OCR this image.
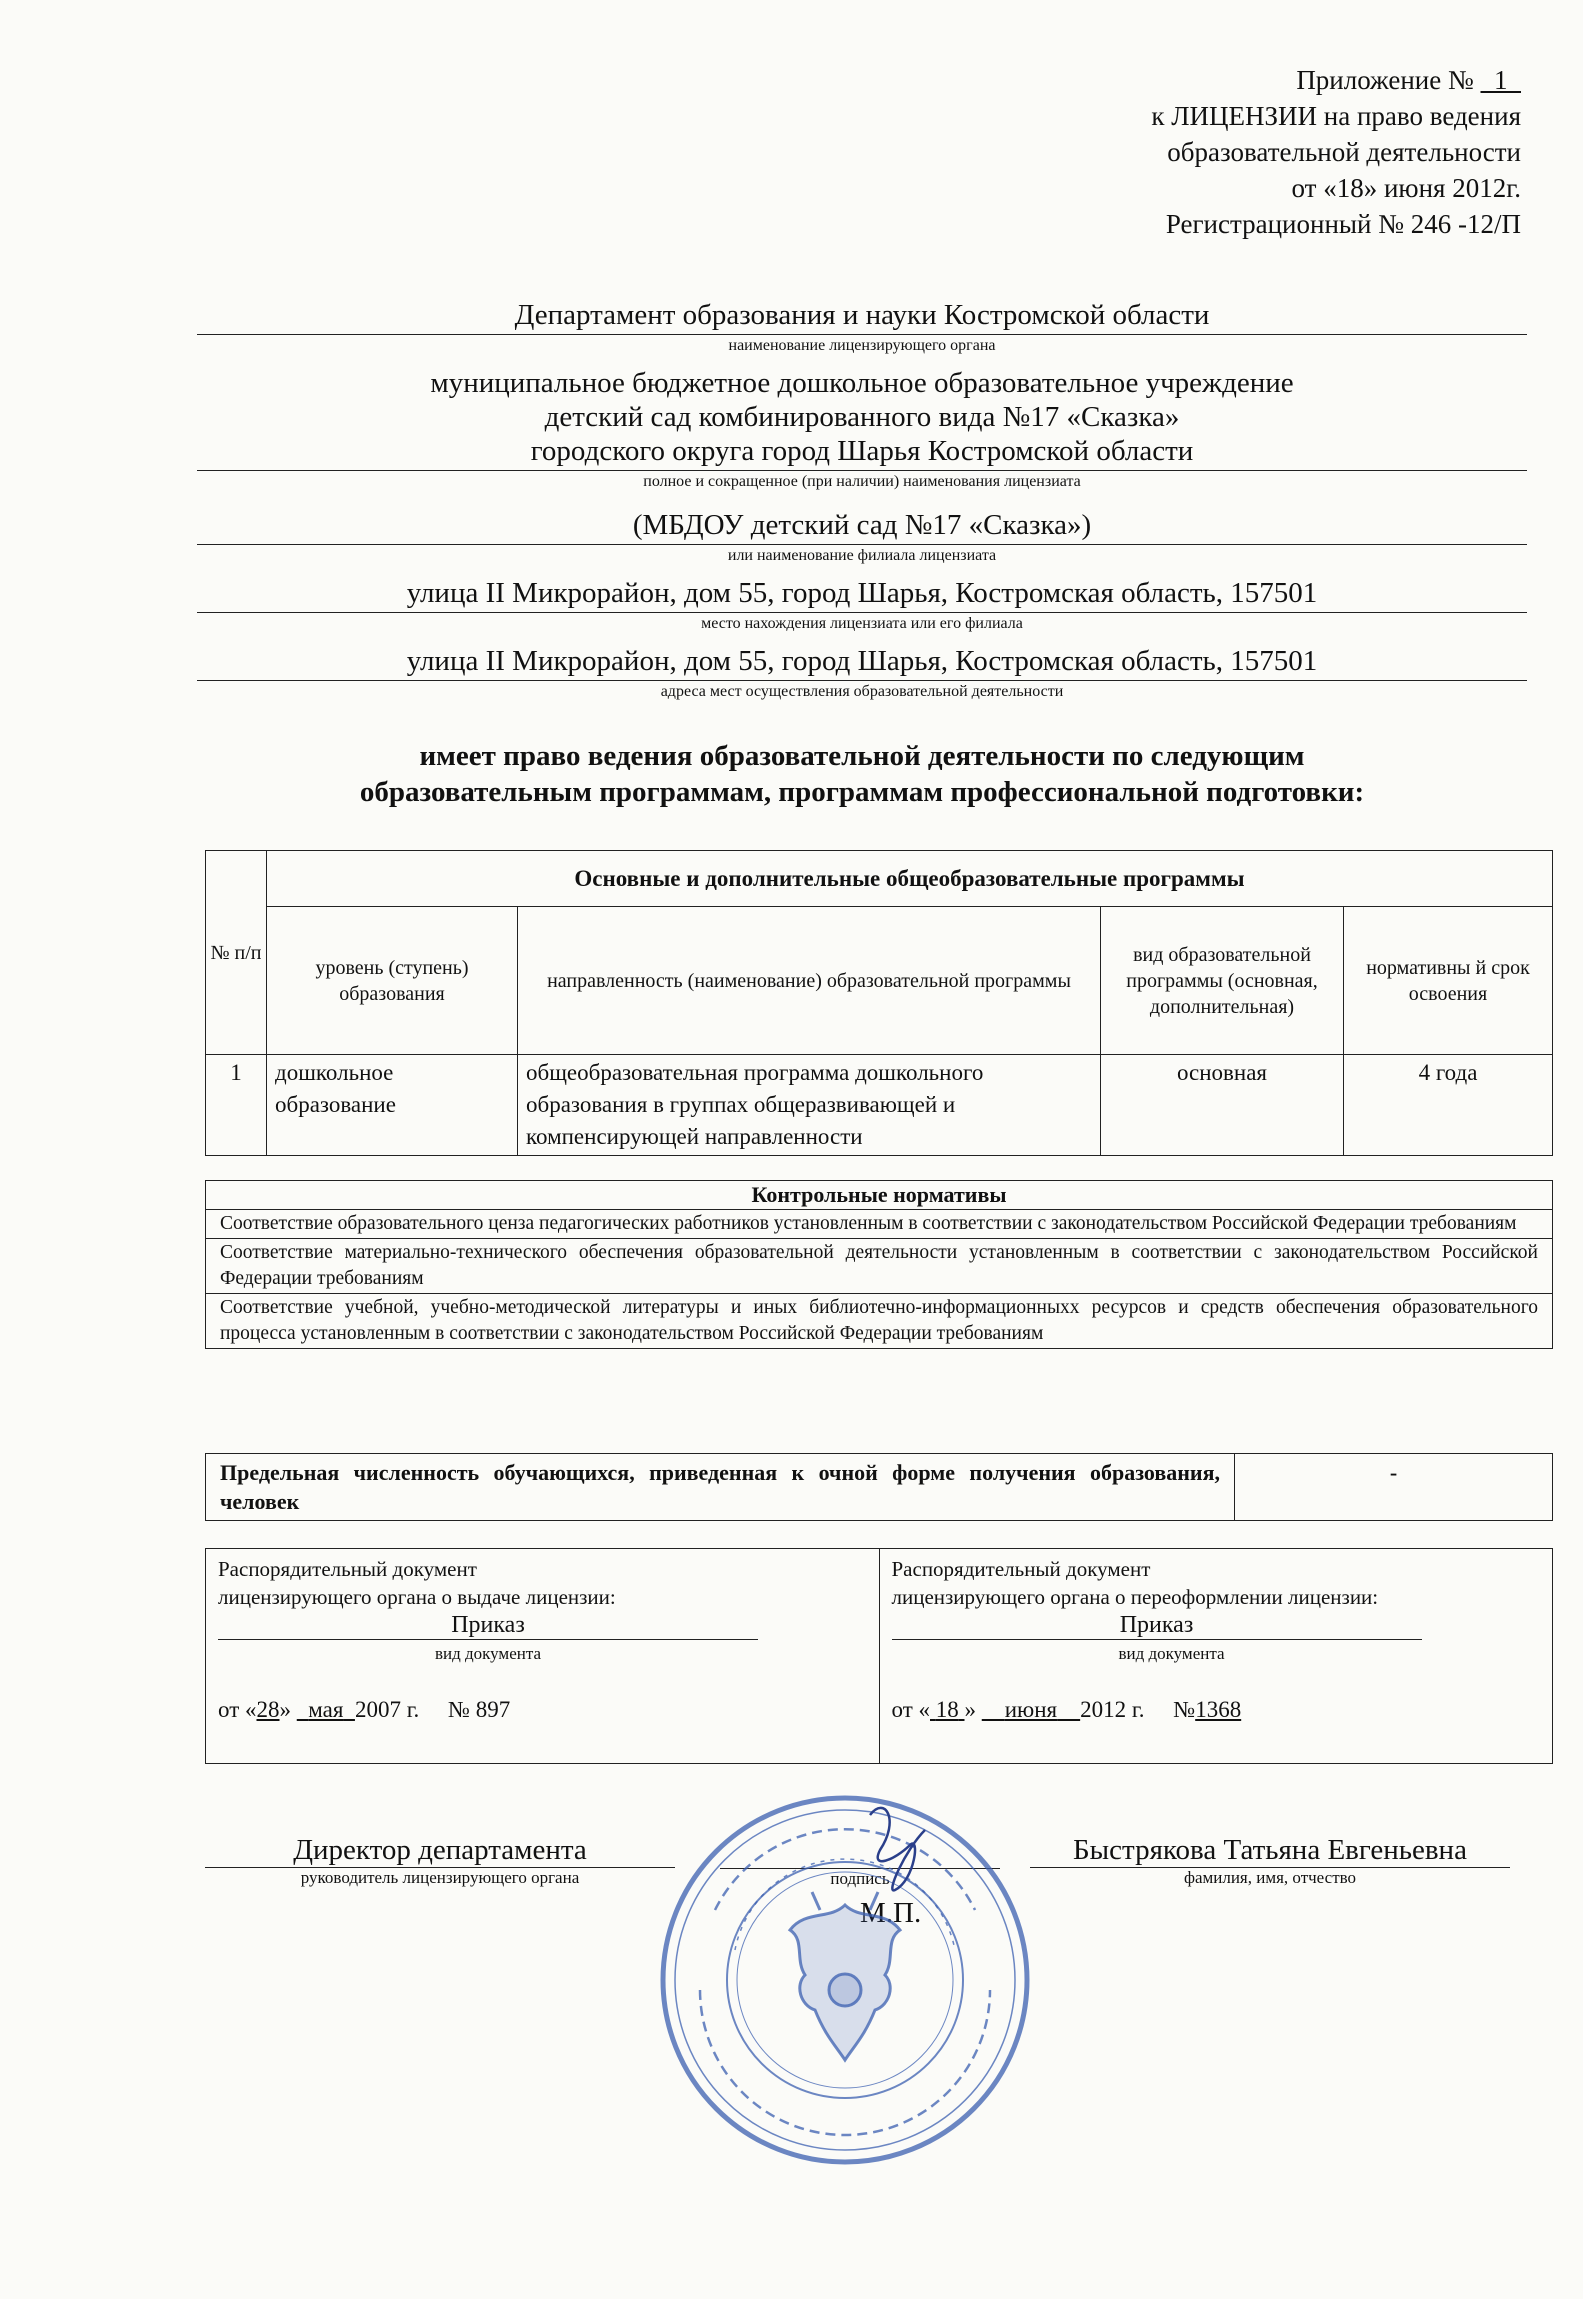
Приложение №   1
к ЛИЦЕНЗИИ на право ведения
образовательной деятельности
от «18» июня 2012г.
Регистрационный № 246 -12/П
Департамент образования и науки Костромской области
наименование лицензирующего органа
муниципальное бюджетное дошкольное образовательное учреждение
детский сад комбинированного вида №17 «Сказка»
городского округа город Шарья Костромской области
полное и сокращенное (при наличии) наименования лицензиата
(МБДОУ детский сад №17 «Сказка»)
или наименование филиала лицензиата
улица II Микрорайон, дом 55, город Шарья, Костромская область, 157501
место нахождения лицензиата или его филиала
улица II Микрорайон, дом 55, город Шарья, Костромская область, 157501
адреса мест осуществления образовательной деятельности
имеет право ведения образовательной деятельности по следующим
образовательным программам, программам профессиональной подготовки:
№ п/п	Основные и дополнительные общеобразовательные программы			
	уровень (ступень) образования	направленность (наименование) образовательной программы	вид образовательной программы (основная, дополнительная)	нормативны й срок освоения
1	дошкольное образование	общеобразовательная программа дошкольного образования в группах общеразвивающей и компенсирующей направленности	основная	4 года
Контрольные нормативы
Соответствие образовательного ценза педагогических работников установленным в соответствии с законодательством Российской Федерации требованиям
Соответствие материально-технического обеспечения образовательной деятельности установленным в соответствии с законодательством Российской Федерации требованиям
Соответствие учебной, учебно-методической литературы и иных библиотечно-информационныхх ресурсов и средств обеспечения образовательного процесса установленным в соответствии с законодательством Российской Федерации требованиям
Предельная численность обучающихся, приведенная к очной форме получения образования, человек	-
Распорядительный документ
лицензирующего органа о выдаче лицензии:
Приказ
вид документа
от «28»   мая 2007 г. № 897

Распорядительный документ
лицензирующего органа о переоформлении лицензии:
Приказ
вид документа
от « 18 »     июня 2012 г. №1368
Директор департамента
руководитель лицензирующего органа	подпись
Быстрякова Татьяна Евгеньевна
фамилия, имя, отчество
М.П.
